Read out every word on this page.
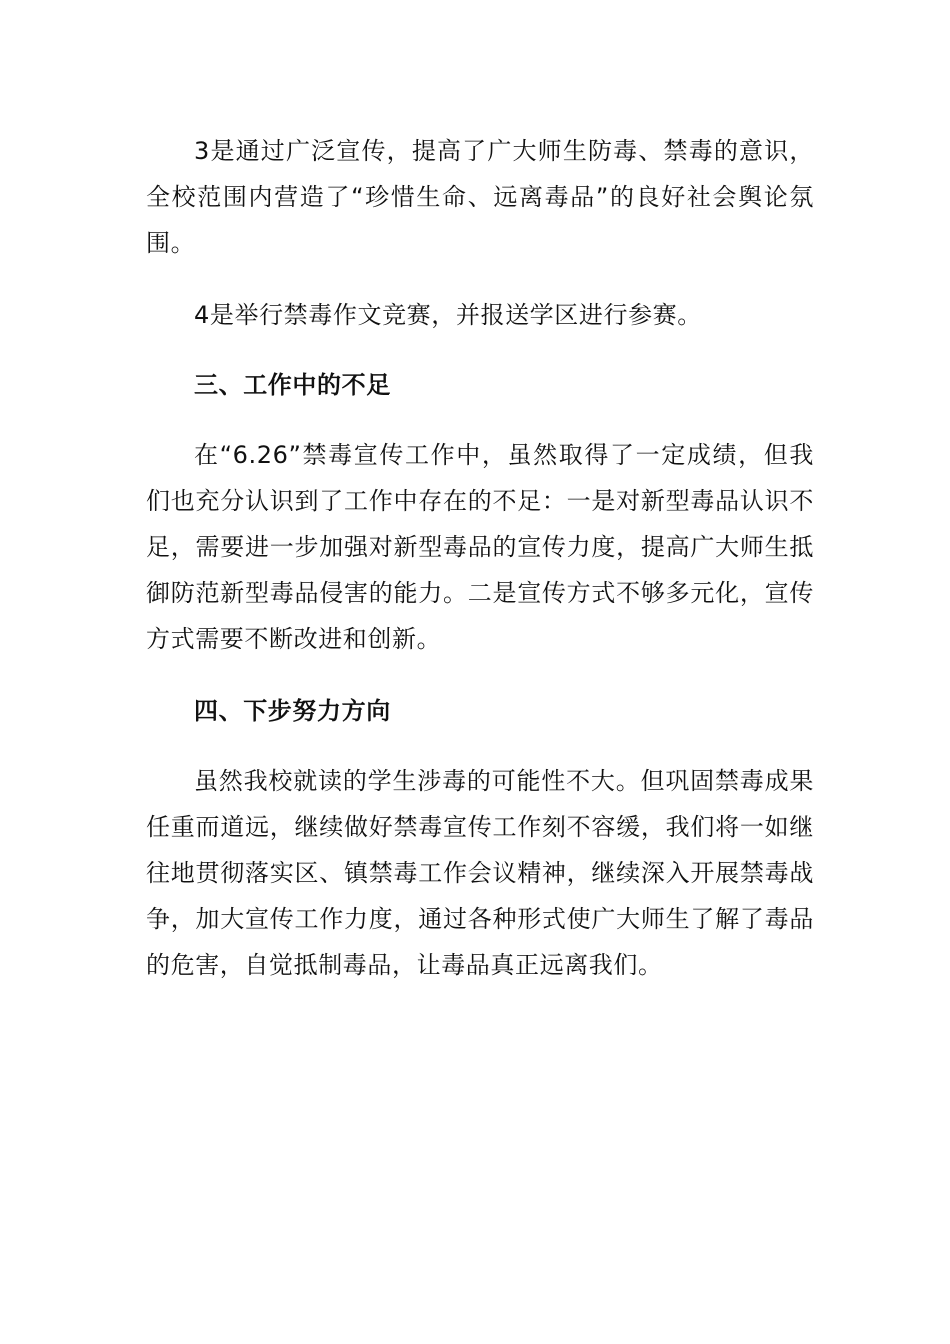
3是通过广泛宣传，提高了广大师生防毒、禁毒的意识，全校范围内营造了“珍惜生命、远离毒品”的良好社会舆论氛围。

4是举行禁毒作文竞赛，并报送学区进行参赛。

三、工作中的不足

在“6.26”禁毒宣传工作中，虽然取得了一定成绩，但我们也充分认识到了工作中存在的不足：一是对新型毒品认识不足，需要进一步加强对新型毒品的宣传力度，提高广大师生抵御防范新型毒品侵害的能力。二是宣传方式不够多元化，宣传方式需要不断改进和创新。

四、下步努力方向

虽然我校就读的学生涉毒的可能性不大。但巩固禁毒成果任重而道远，继续做好禁毒宣传工作刻不容缓，我们将一如继往地贯彻落实区、镇禁毒工作会议精神，继续深入开展禁毒战争，加大宣传工作力度，通过各种形式使广大师生了解了毒品的危害，自觉抵制毒品，让毒品真正远离我们。
